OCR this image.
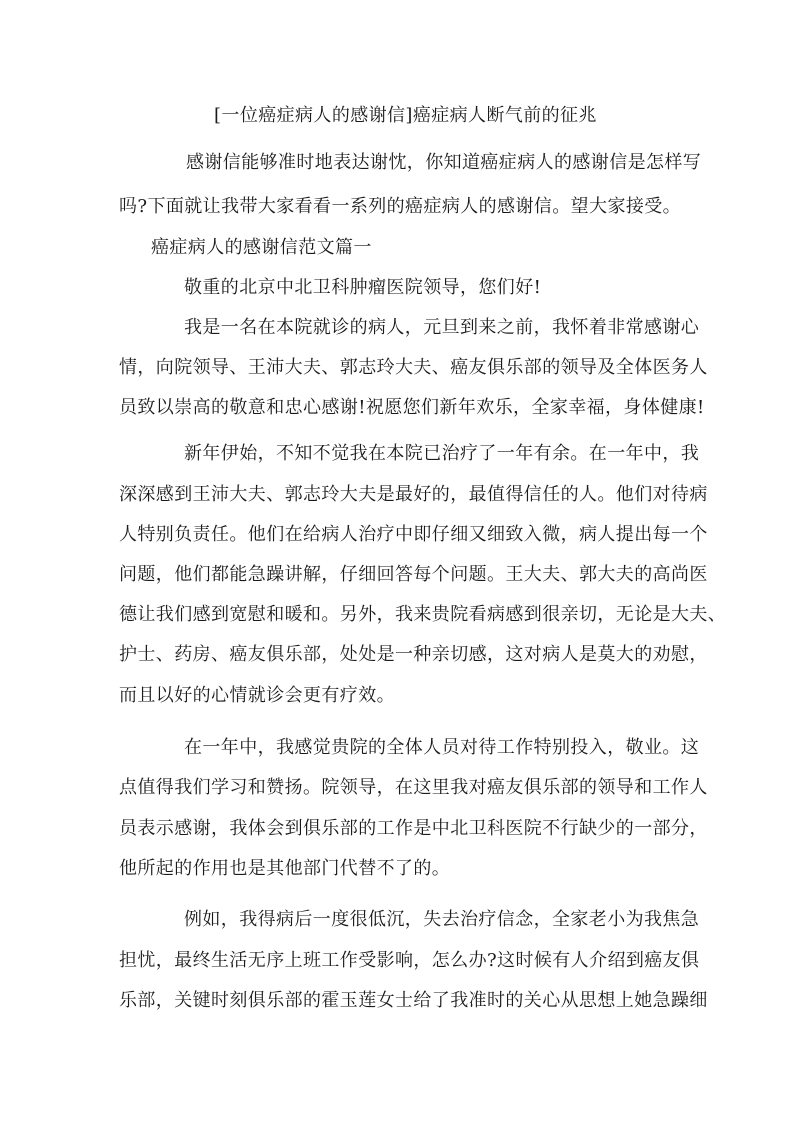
[一位癌症病人的感谢信]癌症病人断气前的征兆
感谢信能够准时地表达谢忱，你知道癌症病人的感谢信是怎样写
吗?下面就让我带大家看看一系列的癌症病人的感谢信。望大家接受。
癌症病人的感谢信范文篇一
敬重的北京中北卫科肿瘤医院领导，您们好!
我是一名在本院就诊的病人，元旦到来之前，我怀着非常感谢心
情，向院领导、王沛大夫、郭志玲大夫、癌友俱乐部的领导及全体医务人
员致以崇高的敬意和忠心感谢!祝愿您们新年欢乐，全家幸福，身体健康!
新年伊始，不知不觉我在本院已治疗了一年有余。在一年中，我
深深感到王沛大夫、郭志玲大夫是最好的，最值得信任的人。他们对待病
人特别负责任。他们在给病人治疗中即仔细又细致入微，病人提出每一个
问题，他们都能急躁讲解，仔细回答每个问题。王大夫、郭大夫的高尚医
德让我们感到宽慰和暖和。另外，我来贵院看病感到很亲切，无论是大夫、
护士、药房、癌友俱乐部，处处是一种亲切感，这对病人是莫大的劝慰，
而且以好的心情就诊会更有疗效。
在一年中，我感觉贵院的全体人员对待工作特别投入，敬业。这
点值得我们学习和赞扬。院领导，在这里我对癌友俱乐部的领导和工作人
员表示感谢，我体会到俱乐部的工作是中北卫科医院不行缺少的一部分，
他所起的作用也是其他部门代替不了的。
例如，我得病后一度很低沉，失去治疗信念，全家老小为我焦急
担忧，最终生活无序上班工作受影响，怎么办?这时候有人介绍到癌友俱
乐部，关键时刻俱乐部的霍玉莲女士给了我准时的关心从思想上她急躁细
